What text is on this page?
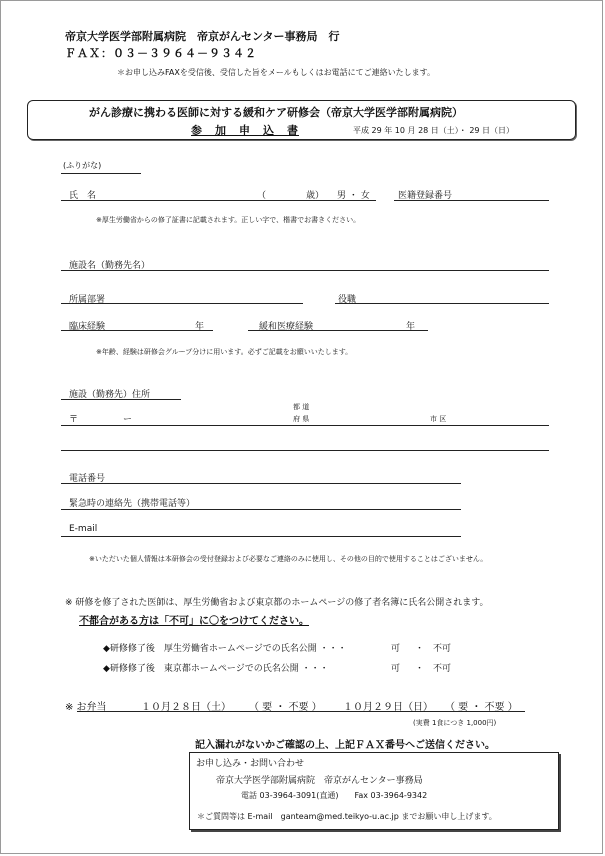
帝京大学医学部附属病院　帝京がんセンター事務局　行
ＦＡＸ：０３－３９６４－９３４２
＊お申し込みFAXを受信後、受信した旨をメールもしくはお電話にてご連絡いたします。
がん診療に携わる医師に対する緩和ケア研修会（帝京大学医学部附属病院）
参　加　申　込　書	平成 29 年 10 月 28 日（土）・ 29 日（日）
(ふりがな)
氏　名	（	歳） 男 ・ 女	医籍登録番号
※厚生労働省からの修了証書に記載されます。正しい字で、楷書でお書きください。
施設名（勤務先名）
所属部署	役職
臨床経験	年	緩和医療経験	年
※年齢、経験は研修会グループ分けに用います。必ずご記載をお願いいたします。
施設（勤務先）住所
都 道
〒	ー	府 県	市 区
電話番号
緊急時の連絡先（携帯電話等）
E-mail
※いただいた個人情報は本研修会の受付登録および必要なご連絡のみに使用し、その他の目的で使用することはございません。
※ 研修を修了された医師は、厚生労働省および東京都のホームページの修了者名簿に氏名公開されます。
不都合がある方は「不可」に〇をつけてください。
◆研修修了後　厚生労働省ホームページでの氏名公開 ・・・	可 ・ 不可
◆研修修了後　東京都ホームページでの氏名公開 ・・・	可 ・ 不可
※ お弁当	１０月２８日（土） （ 要 ・ 不要 ） １０月２９日（日） （ 要 ・ 不要 ）
(実費 1食につき 1,000円)
記入漏れがないかご確認の上、上記ＦＡＸ番号へご送信ください。
お申し込み・お問い合わせ
帝京大学医学部附属病院　帝京がんセンター事務局
電話 03-3964-3091(直通)　　Fax 03-3964-9342
＊ご質問等は E-mail　ganteam@med.teikyo-u.ac.jp までお願い申し上げます。
